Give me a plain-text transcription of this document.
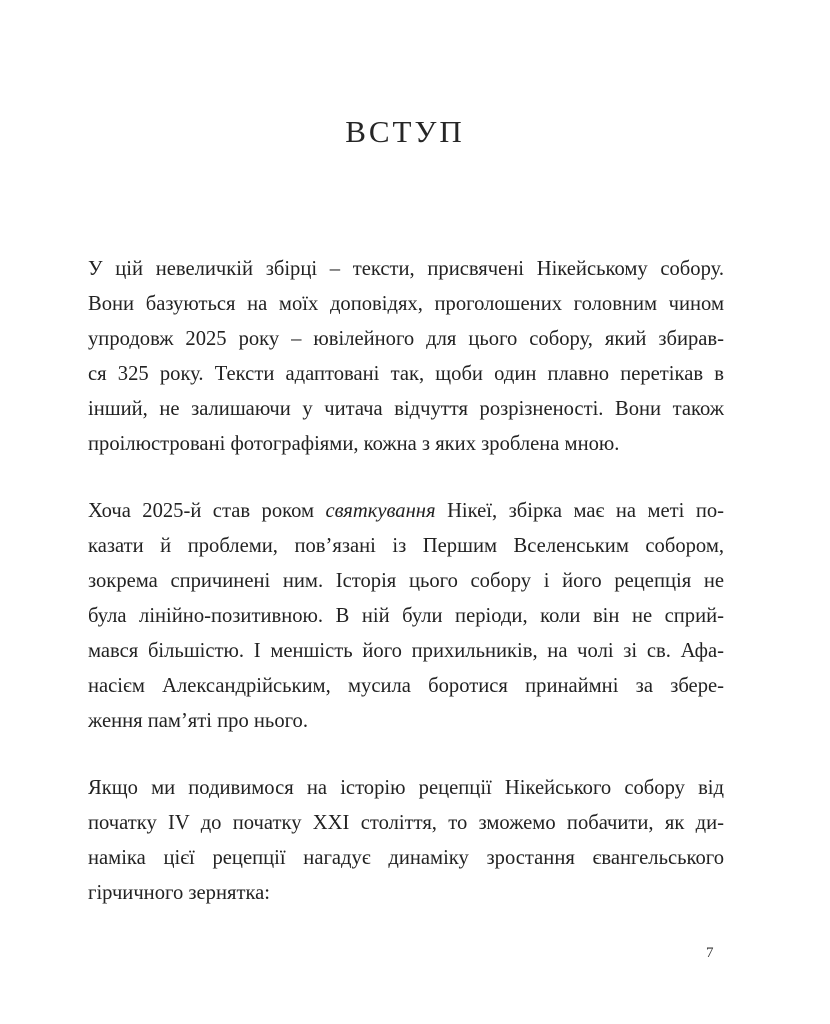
ВСТУП

У цій невеличкій збірці – тексти, присвячені Нікейському собору.
Вони базуються на моїх доповідях, проголошених головним чином
упродовж 2025 року – ювілейного для цього собору, який збирав-
ся 325 року. Тексти адаптовані так, щоби один плавно перетікав в
інший, не залишаючи у читача відчуття розрізненості. Вони також
проілюстровані фотографіями, кожна з яких зроблена мною.

Хоча 2025-й став роком святкування Нікеї, збірка має на меті по-
казати й проблеми, пов’язані із Першим Вселенським собором,
зокрема спричинені ним. Історія цього собору і його рецепція не
була лінійно-позитивною. В ній були періоди, коли він не сприй-
мався більшістю. І меншість його прихильників, на чолі зі св. Афа-
насієм Александрійським, мусила боротися принаймні за збере-
ження пам’яті про нього.

Якщо ми подивимося на історію рецепції Нікейського собору від
початку IV до початку XXI століття, то зможемо побачити, як ди-
наміка цієї рецепції нагадує динаміку зростання євангельського
гірчичного зернятка:

7
